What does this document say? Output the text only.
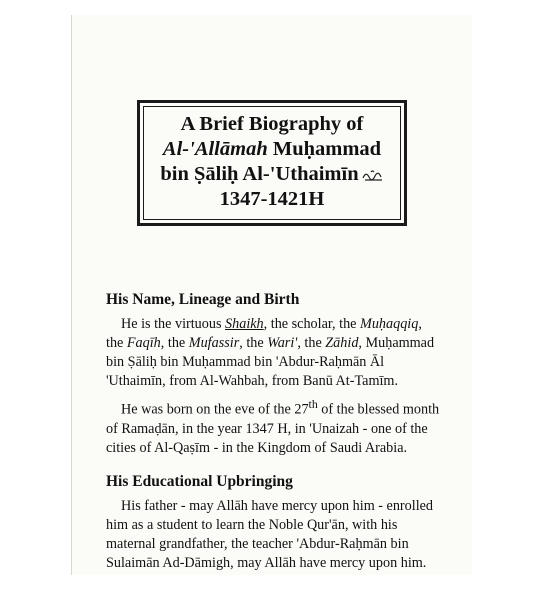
A Brief Biography of
Al-'Allāmah Muḥammad
bin Ṣāliḥ Al-'Uthaimīn
1347-1421H
His Name, Lineage and Birth

He is the virtuous Shaikh, the scholar, the Muḥaqqiq, the Faqīh, the Mufassir, the Wari', the Zāhid, Muḥammad bin Ṣāliḥ bin Muḥammad bin 'Abdur-Raḥmān Āl 'Uthaimīn, from Al-Wahbah, from Banū At-Tamīm.

He was born on the eve of the 27th of the blessed month of Ramaḍān, in the year 1347 H, in 'Unaizah - one of the cities of Al-Qaṣīm - in the Kingdom of Saudi Arabia.

His Educational Upbringing

His father - may Allāh have mercy upon him - enrolled him as a student to learn the Noble Qur'ān, with his maternal grandfather, the teacher 'Abdur-Raḥmān bin Sulaimān Ad-Dāmigh, may Allāh have mercy upon him.
